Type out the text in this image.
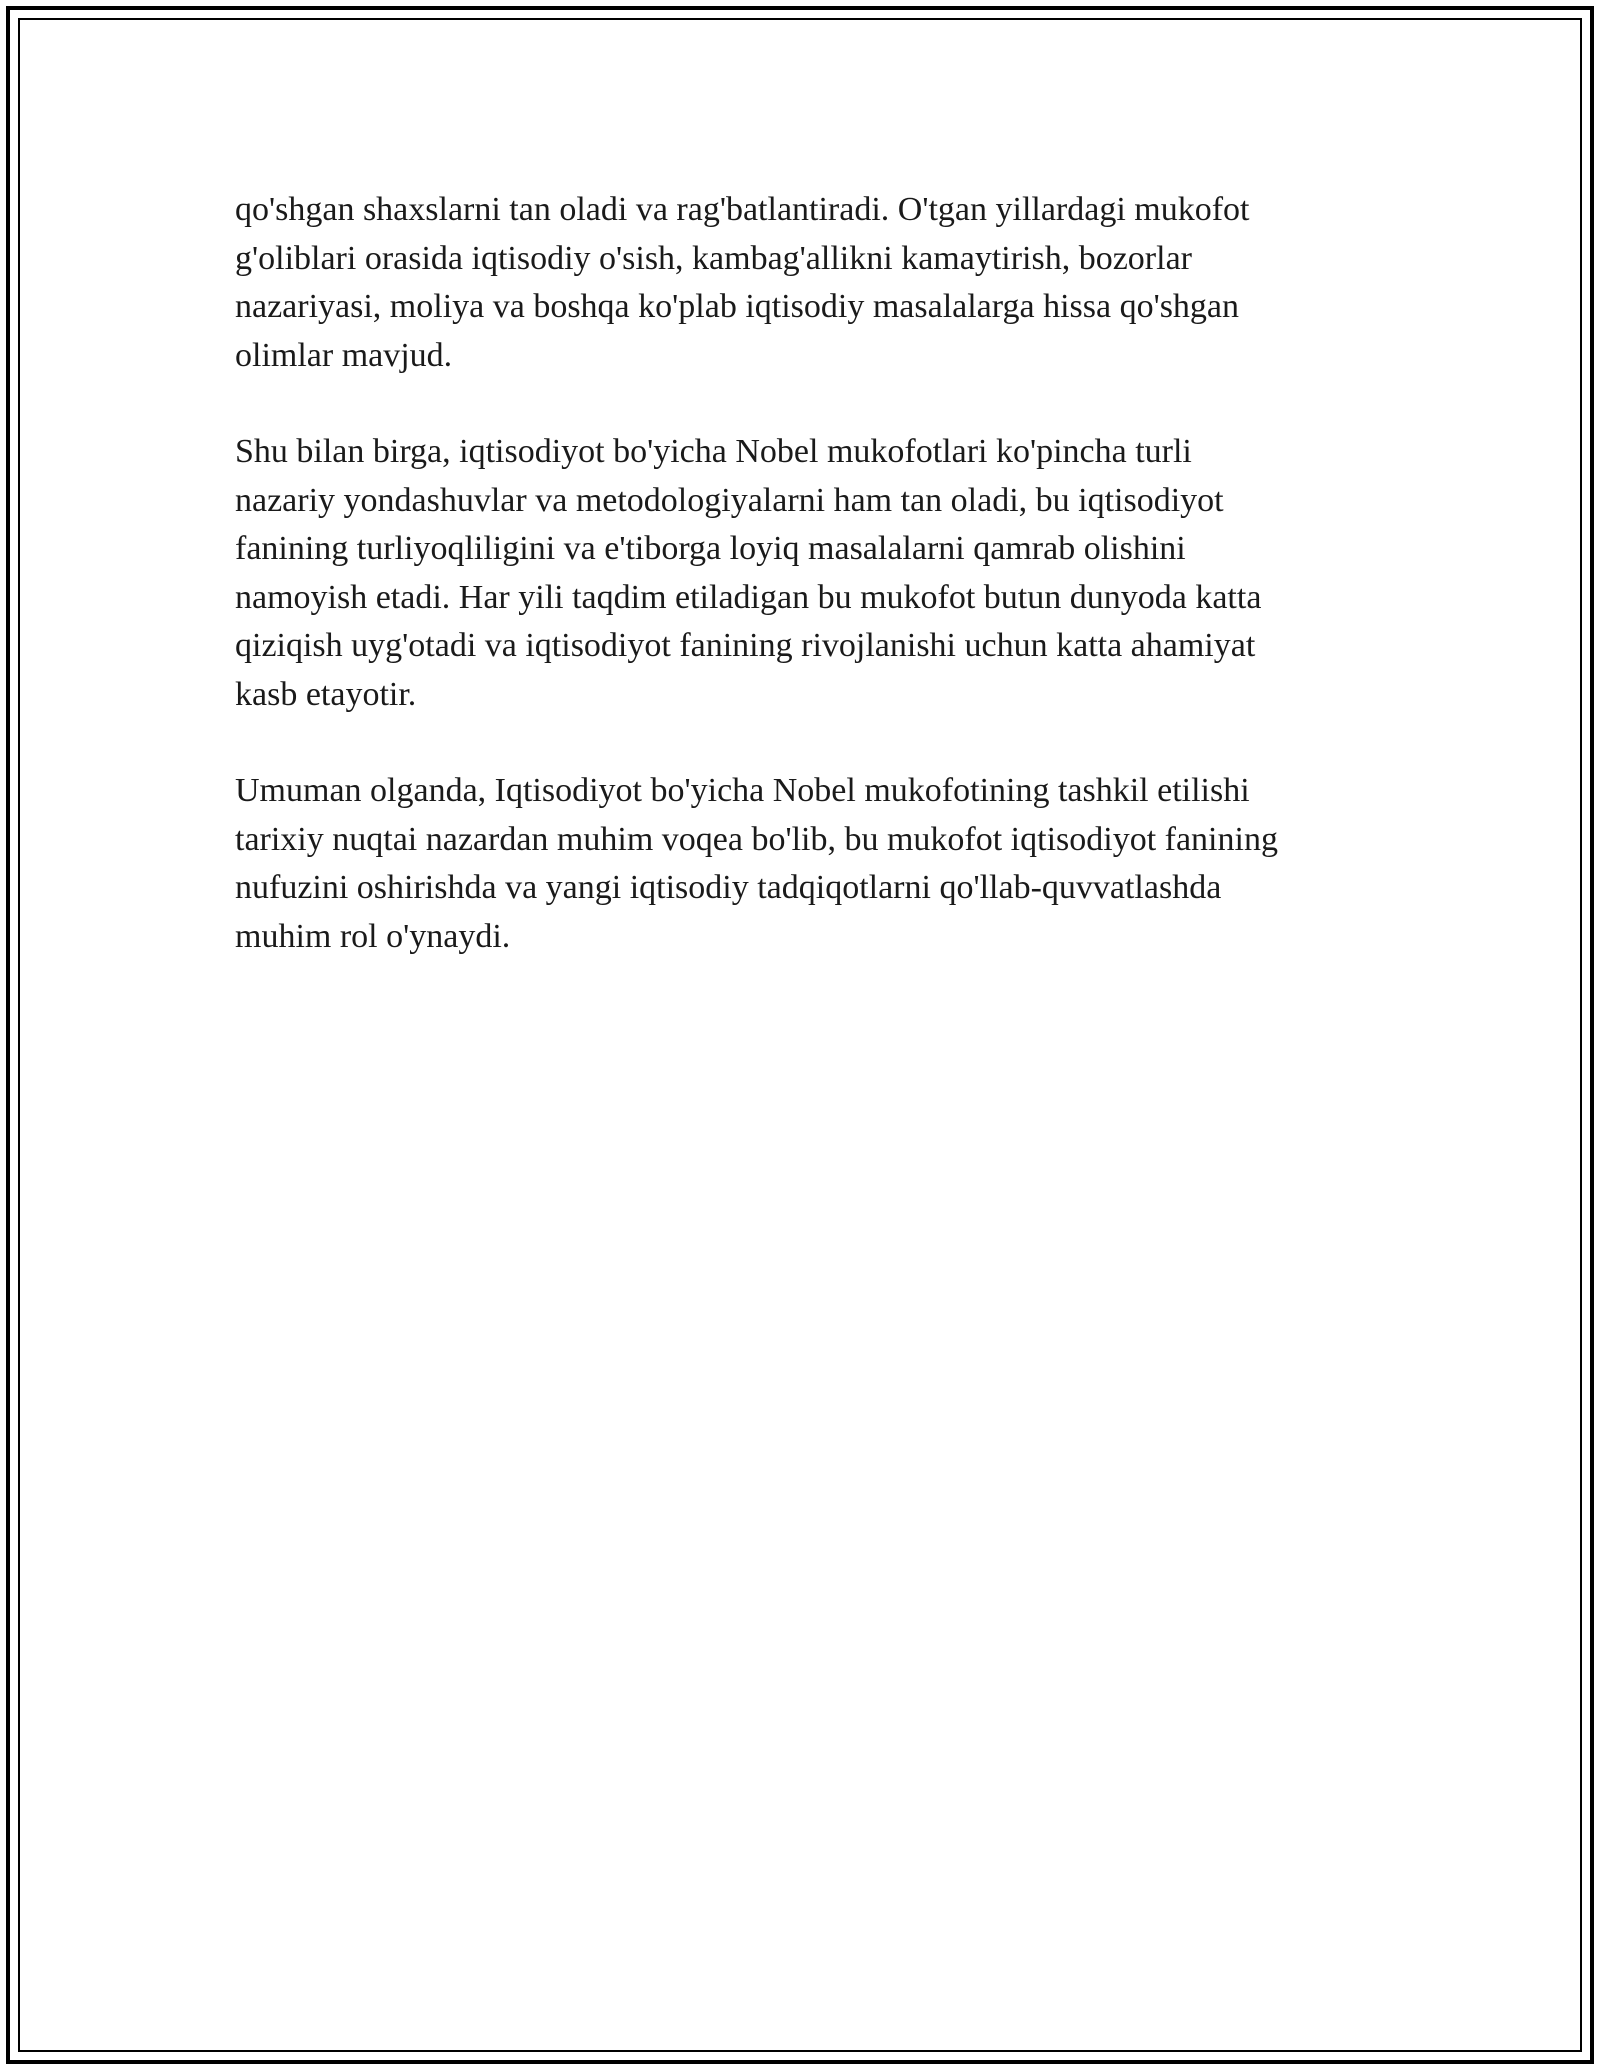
qo'shgan shaxslarni tan oladi va rag'batlantiradi. O'tgan yillardagi mukofot
g'oliblari orasida iqtisodiy o'sish, kambag'allikni kamaytirish, bozorlar
nazariyasi, moliya va boshqa ko'plab iqtisodiy masalalarga hissa qo'shgan
olimlar mavjud.

Shu bilan birga, iqtisodiyot bo'yicha Nobel mukofotlari ko'pincha turli
nazariy yondashuvlar va metodologiyalarni ham tan oladi, bu iqtisodiyot
fanining turliyoqliligini va e'tiborga loyiq masalalarni qamrab olishini
namoyish etadi. Har yili taqdim etiladigan bu mukofot butun dunyoda katta
qiziqish uyg'otadi va iqtisodiyot fanining rivojlanishi uchun katta ahamiyat
kasb etayotir.

Umuman olganda, Iqtisodiyot bo'yicha Nobel mukofotining tashkil etilishi
tarixiy nuqtai nazardan muhim voqea bo'lib, bu mukofot iqtisodiyot fanining
nufuzini oshirishda va yangi iqtisodiy tadqiqotlarni qo'llab-quvvatlashda
muhim rol o'ynaydi.
